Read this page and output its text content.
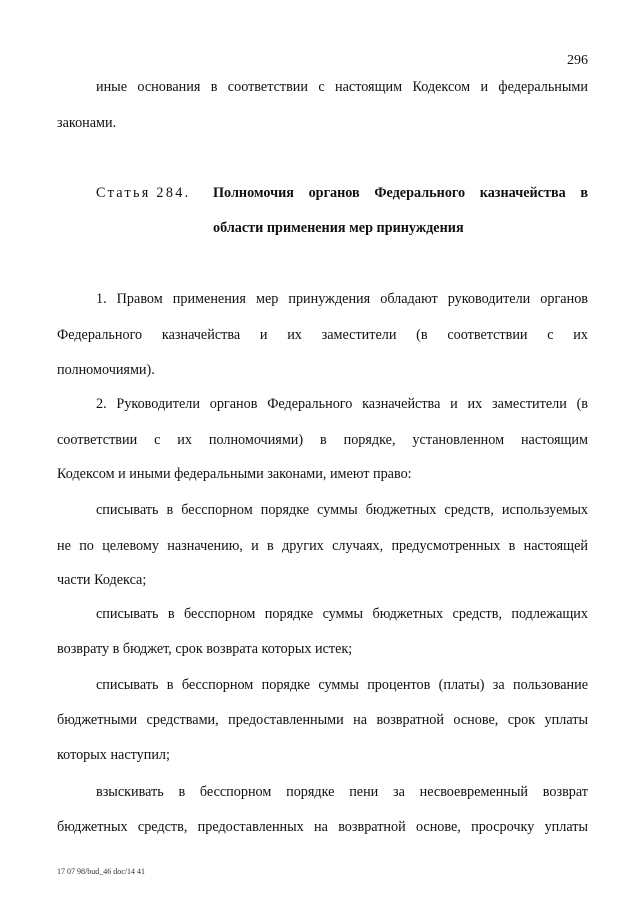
296
иные основания в соответствии с настоящим Кодексом и федеральными
законами.
Статья 284. Полномочия органов Федерального казначейства в
области применения мер принуждения
1. Правом применения мер принуждения обладают руководители органов
Федерального казначейства и их заместители (в соответствии с их
полномочиями).
2. Руководители органов Федерального казначейства и их заместители (в
соответствии с их полномочиями) в порядке, установленном настоящим
Кодексом и иными федеральными законами, имеют право:
списывать в бесспорном порядке суммы бюджетных средств, используемых
не по целевому назначению, и в других случаях, предусмотренных в настоящей
части Кодекса;
списывать в бесспорном порядке суммы бюджетных средств, подлежащих
возврату в бюджет, срок возврата которых истек;
списывать в бесспорном порядке суммы процентов (платы) за пользование
бюджетными средствами, предоставленными на возвратной основе, срок уплаты
которых наступил;
взыскивать в бесспорном порядке пени за несвоевременный возврат
бюджетных средств, предоставленных на возвратной основе, просрочку уплаты
17 07 98/bud_46 doc/14 41
